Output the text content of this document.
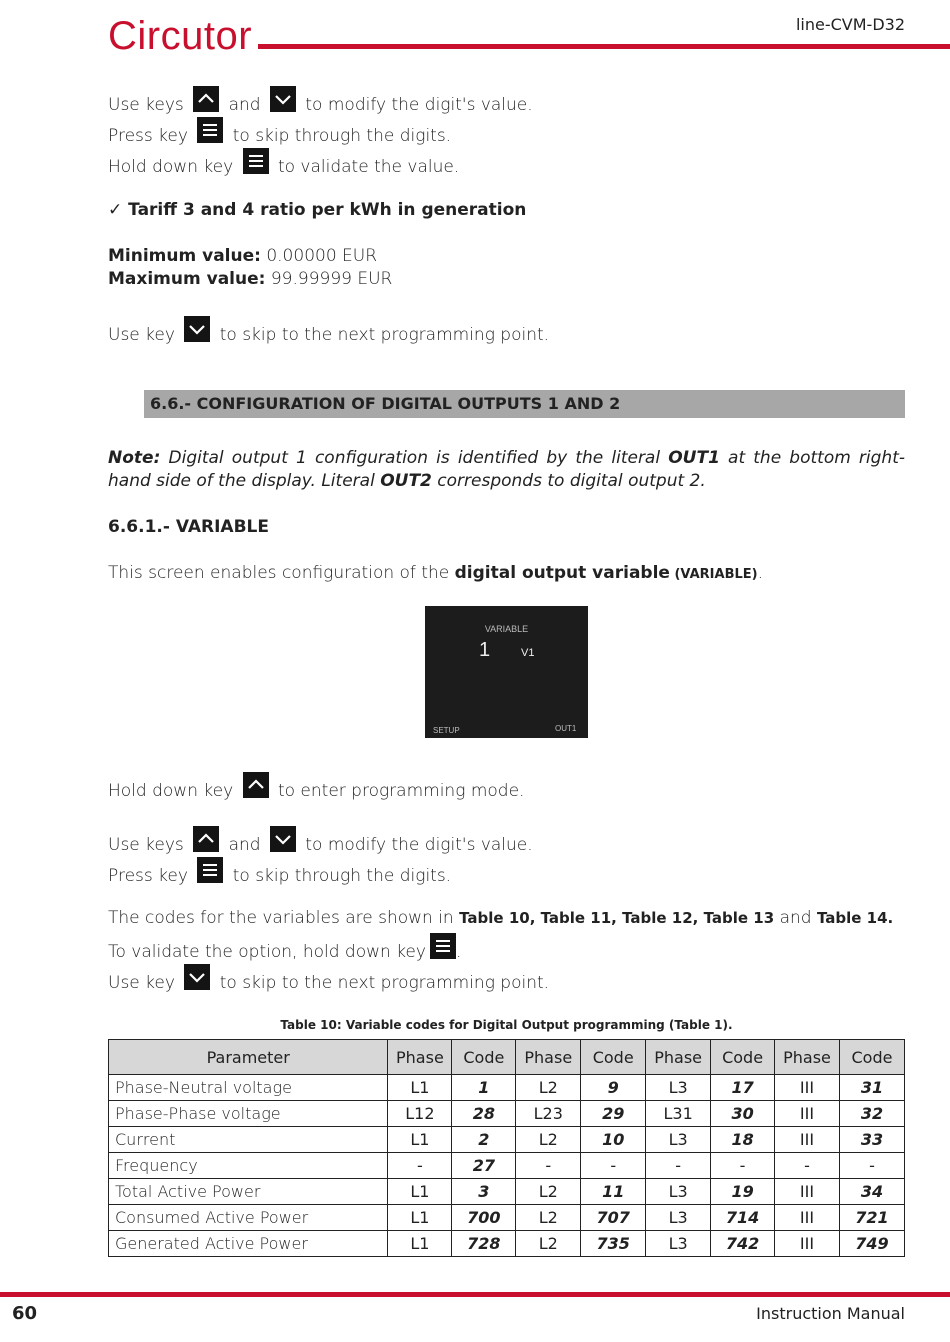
Circutor	line-CVM-D32
Use keys	and	to modify the digit's value.
Press key	to skip through the digits.
Hold down key	to validate the value.
✓ Tariff 3 and 4 ratio per kWh in generation
Minimum value: 0.00000 EUR
Maximum value: 99.99999 EUR
Use key	to skip to the next programming point.
6.6.- CONFIGURATION OF DIGITAL OUTPUTS 1 AND 2
Note: Digital output 1 configuration is identified by the literal OUT1 at the bottom right-hand side of the display. Literal OUT2 corresponds to digital output 2.
6.6.1.- VARIABLE
This screen enables configuration of the digital output variable (VARIABLE).
VARIABLE
1	V1
SETUP	OUT1
Hold down key	to enter programming mode.
Use keys	and	to modify the digit's value.
Press key	to skip through the digits.
The codes for the variables are shown in Table 10, Table 11, Table 12, Table 13 and Table 14.
To validate the option, hold down key .
Use key	to skip to the next programming point.
Table 10: Variable codes for Digital Output programming (Table 1).
Parameter	Phase	Code	Phase	Code	Phase	Code	Phase	Code
Phase-Neutral voltage	L1	1	L2	9	L3	17	III	31
Phase-Phase voltage	L12	28	L23	29	L31	30	III	32
Current	L1	2	L2	10	L3	18	III	33
Frequency	-	27	-	-	-	-	-	-
Total Active Power	L1	3	L2	11	L3	19	III	34
Consumed Active Power	L1	700	L2	707	L3	714	III	721
Generated Active Power	L1	728	L2	735	L3	742	III	749
60	Instruction Manual
